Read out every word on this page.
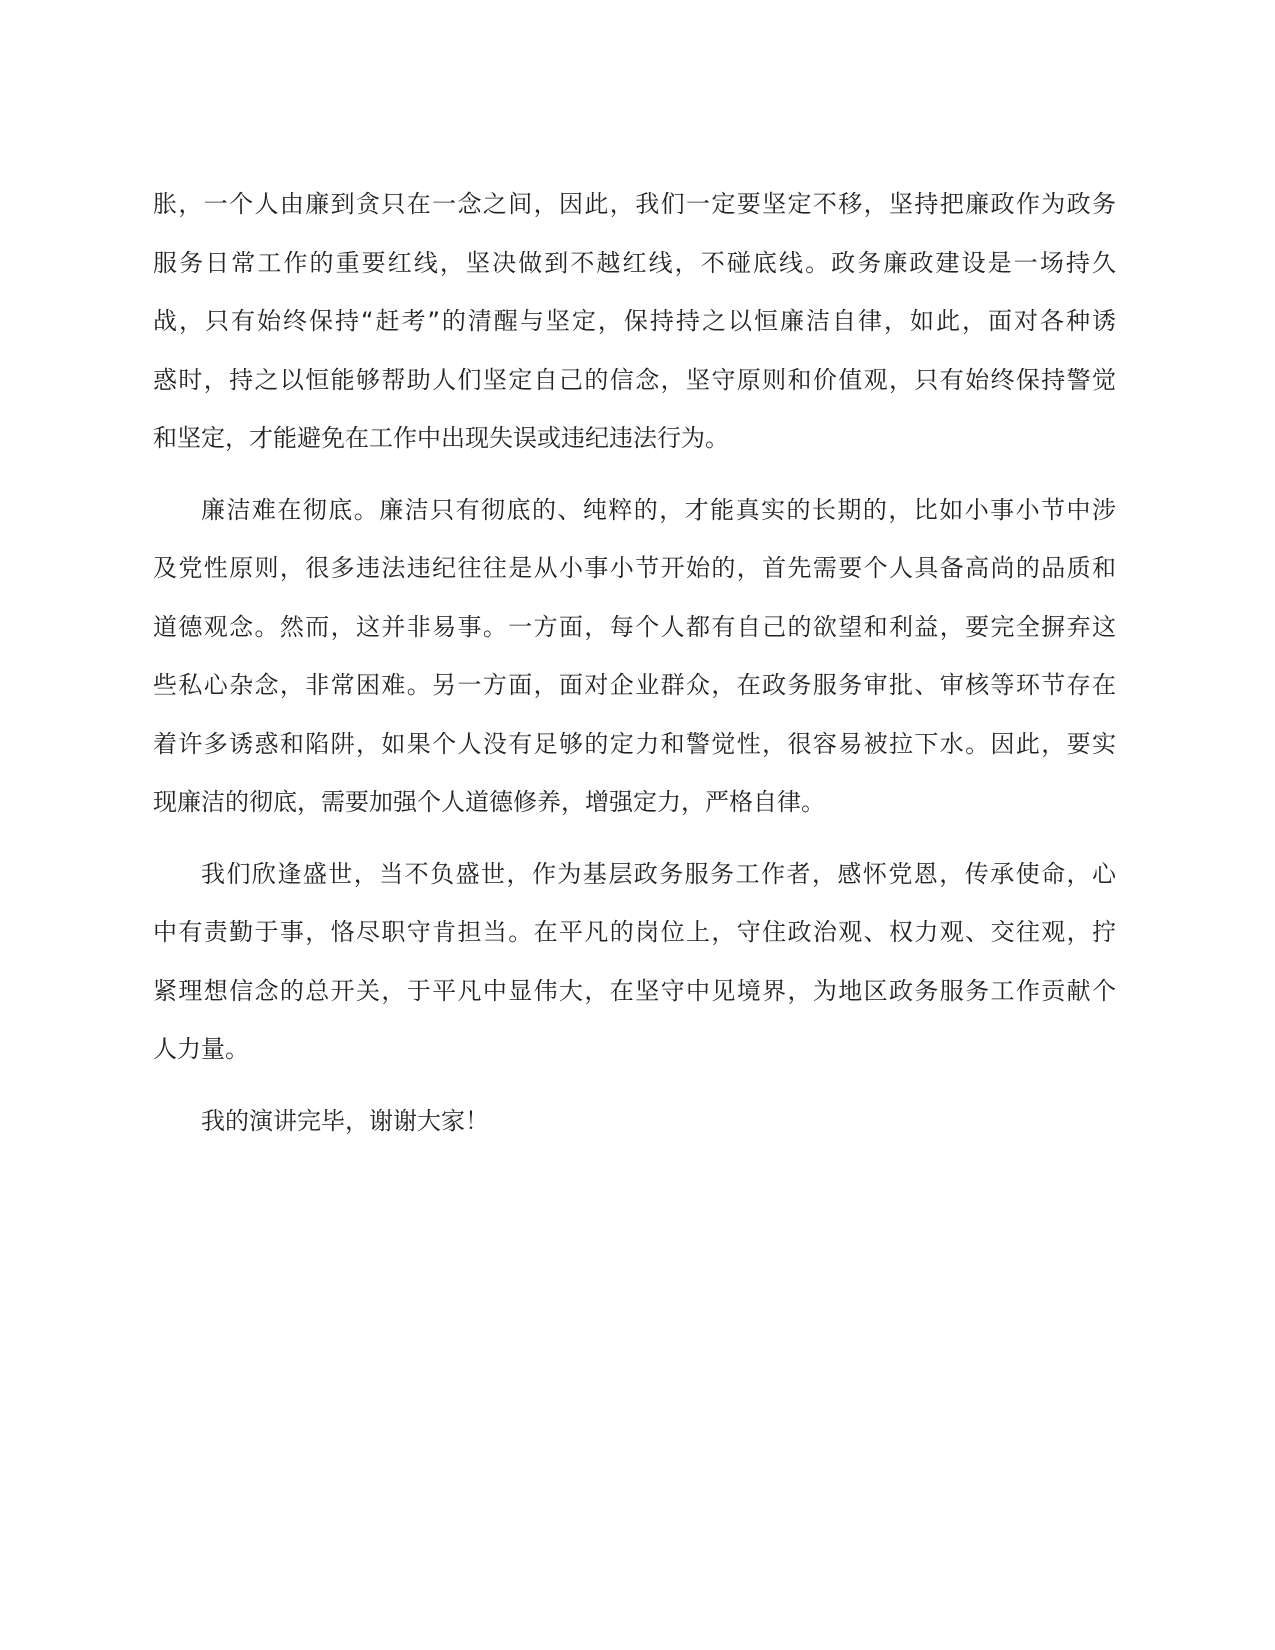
胀，一个人由廉到贪只在一念之间，因此，我们一定要坚定不移，坚持把廉政作为政务
服务日常工作的重要红线，坚决做到不越红线，不碰底线。政务廉政建设是一场持久
战，只有始终保持“赶考”的清醒与坚定，保持持之以恒廉洁自律，如此，面对各种诱
惑时，持之以恒能够帮助人们坚定自己的信念，坚守原则和价值观，只有始终保持警觉
和坚定，才能避免在工作中出现失误或违纪违法行为。
廉洁难在彻底。廉洁只有彻底的、纯粹的，才能真实的长期的，比如小事小节中涉
及党性原则，很多违法违纪往往是从小事小节开始的，首先需要个人具备高尚的品质和
道德观念。然而，这并非易事。一方面，每个人都有自己的欲望和利益，要完全摒弃这
些私心杂念，非常困难。另一方面，面对企业群众，在政务服务审批、审核等环节存在
着许多诱惑和陷阱，如果个人没有足够的定力和警觉性，很容易被拉下水。因此，要实
现廉洁的彻底，需要加强个人道德修养，增强定力，严格自律。
我们欣逢盛世，当不负盛世，作为基层政务服务工作者，感怀党恩，传承使命，心
中有责勤于事，恪尽职守肯担当。在平凡的岗位上，守住政治观、权力观、交往观，拧
紧理想信念的总开关，于平凡中显伟大，在坚守中见境界，为地区政务服务工作贡献个
人力量。
我的演讲完毕，谢谢大家！
